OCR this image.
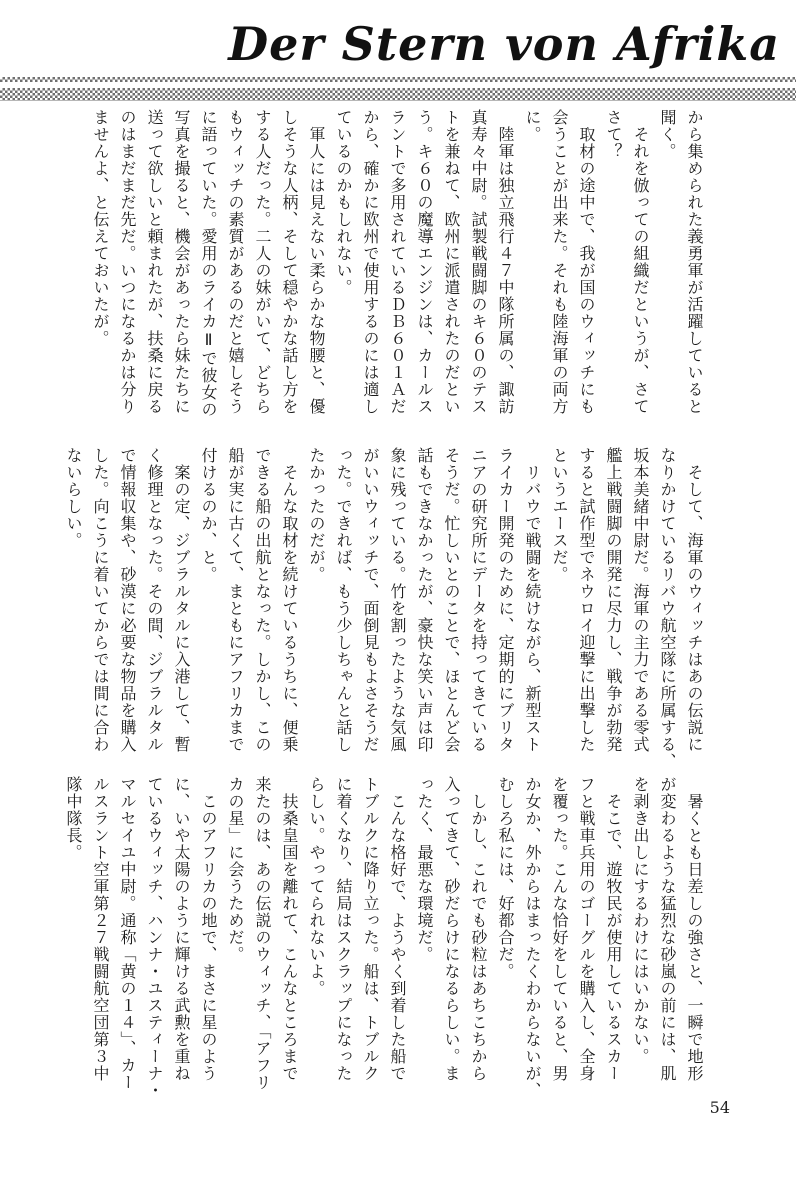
Der Stern von Afrika
から集められた義勇軍が活躍していると
聞く。
　それを倣っての組織だというが、さて
さて？
　取材の途中で、我が国のウィッチにも
会うことが出来た。それも陸海軍の両方
に。
　陸軍は独立飛行４７中隊所属の、諏訪
真寿々中尉。試製戦闘脚のキ６０のテス
トを兼ねて、欧州に派遣されたのだとい
う。キ６０の魔導エンジンは、カールス
ラントで多用されているＤＢ６０１Ａだ
から、確かに欧州で使用するのには適し
ているのかもしれない。
　軍人には見えない柔らかな物腰と、優
しそうな人柄、そして穏やかな話し方を
する人だった。二人の妹がいて、どちら
もウィッチの素質があるのだと嬉しそう
に語っていた。愛用のライカⅡで彼女の
写真を撮ると、機会があったら妹たちに
送って欲しいと頼まれたが、扶桑に戻る
のはまだまだ先だ。いつになるかは分り
ませんよ、と伝えておいたが。
　そして、海軍のウィッチはあの伝説に
なりかけているリバウ航空隊に所属する、
坂本美緒中尉だ。海軍の主力である零式
艦上戦闘脚の開発に尽力し、戦争が勃発
すると試作型でネウロイ迎撃に出撃した
というエースだ。
　リバウで戦闘を続けながら、新型スト
ライカー開発のために、定期的にブリタ
ニアの研究所にデータを持ってきている
そうだ。忙しいとのことで、ほとんど会
話もできなかったが、豪快な笑い声は印
象に残っている。竹を割ったような気風
がいいウィッチで、面倒見もよさそうだ
った。できれば、もう少しちゃんと話し
たかったのだが。
　そんな取材を続けているうちに、便乗
できる船の出航となった。しかし、この
船が実に古くて、まともにアフリカまで
付けるのか、と。
　案の定、ジブラルタルに入港して、暫
く修理となった。その間、ジブラルタル
で情報収集や、砂漠に必要な物品を購入
した。向こうに着いてからでは間に合わ
ないらしい。
　暑くとも日差しの強さと、一瞬で地形
が変わるような猛烈な砂嵐の前には、肌
を剥き出しにするわけにはいかない。
　そこで、遊牧民が使用しているスカー
フと戦車兵用のゴーグルを購入し、全身
を覆った。こんな恰好をしていると、男
か女か、外からはまったくわからないが、
むしろ私には、好都合だ。
　しかし、これでも砂粒はあちこちから
入ってきて、砂だらけになるらしい。ま
ったく、最悪な環境だ。
　こんな格好で、ようやく到着した船で
トブルクに降り立った。船は、トブルク
に着くなり、結局はスクラップになった
らしい。やってられないよ。
　扶桑皇国を離れて、こんなところまで
来たのは、あの伝説のウィッチ、「アフリ
カの星」に会うためだ。
　このアフリカの地で、まさに星のよう
に、いや太陽のように輝ける武勲を重ね
ているウィッチ、ハンナ・ユスティーナ・
マルセイユ中尉。通称「黄の１４」、カー
ルスラント空軍第２７戦闘航空団第３中
隊中隊長。
54
